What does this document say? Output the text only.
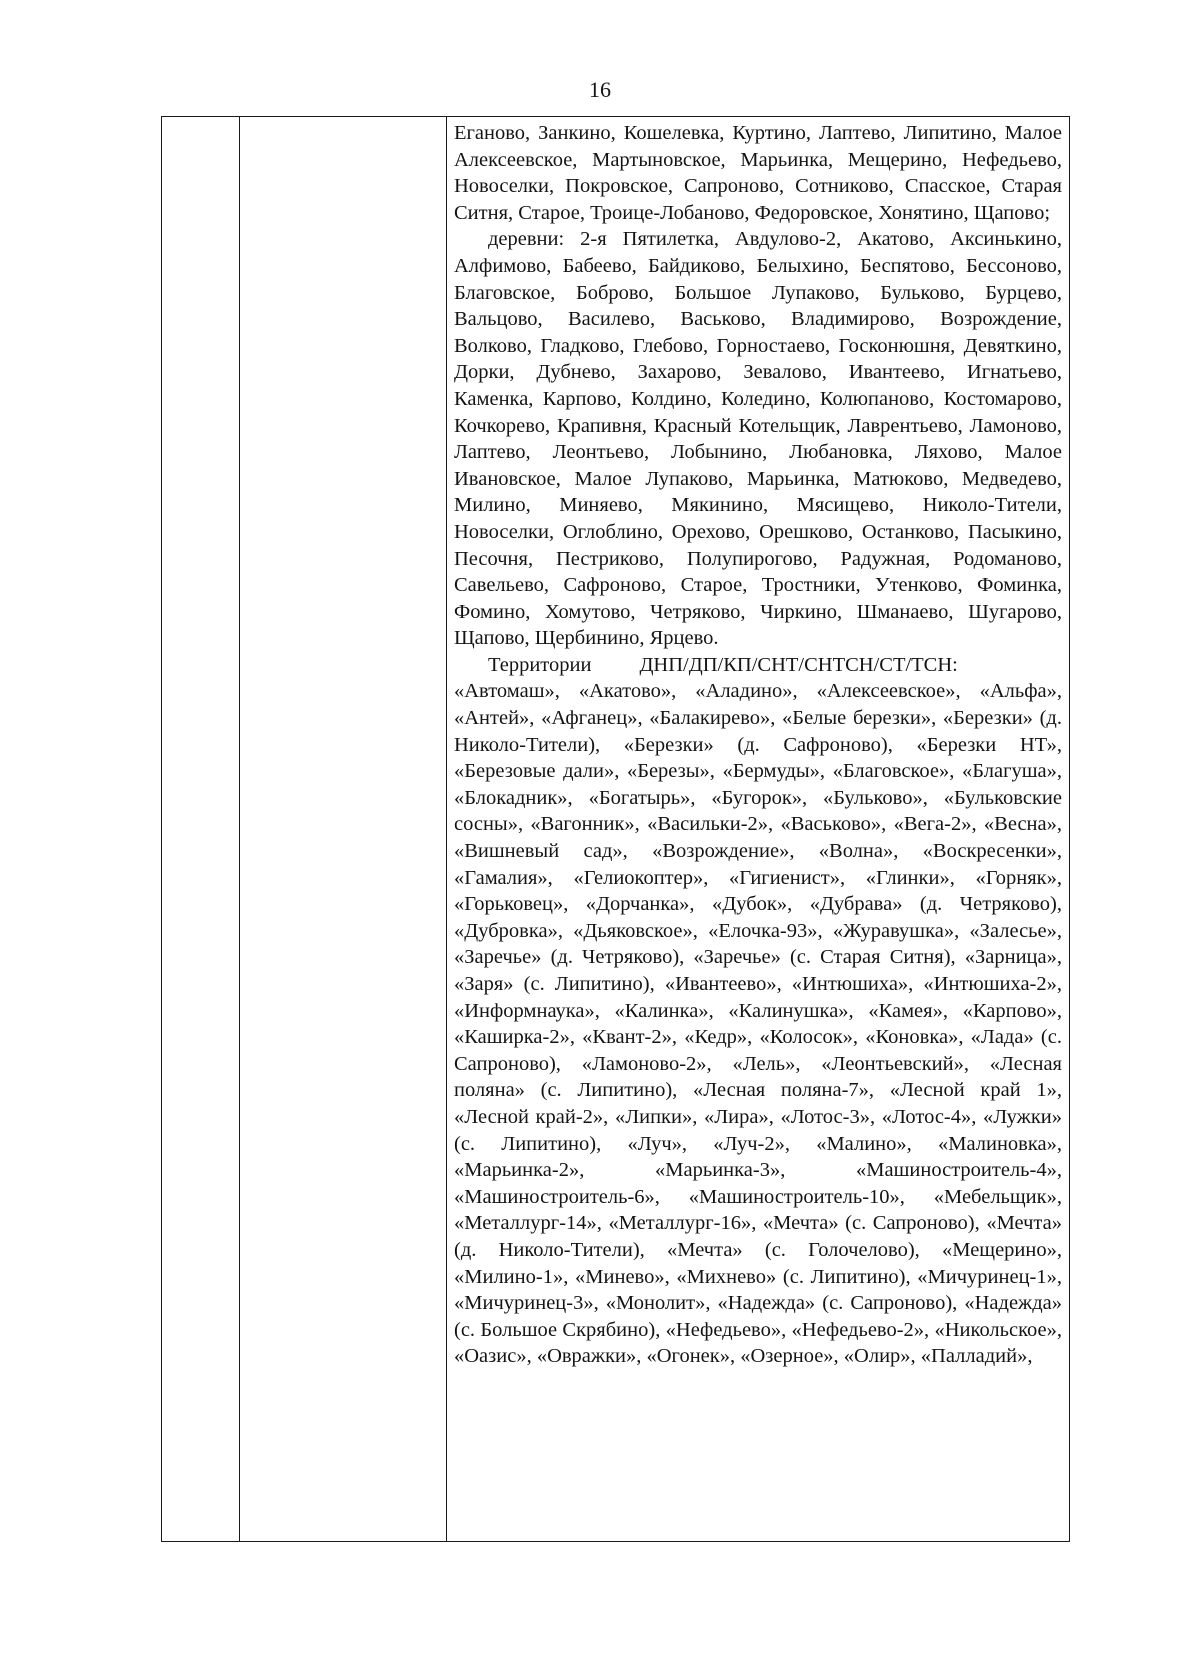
16

Еганово, Занкино, Кошелевка, Куртино, Лаптево, Липитино, Малое Алексеевское, Мартыновское, Марьинка, Мещерино, Нефедьево, Новоселки, Покровское, Сапроново, Сотниково, Спасское, Старая Ситня, Старое, Троице-Лобаново, Федоровское, Хонятино, Щапово;

деревни: 2-я Пятилетка, Авдулово-2, Акатово, Аксинькино, Алфимово, Бабеево, Байдиково, Белыхино, Беспятово, Бессоново, Благовское, Боброво, Большое Лупаково, Бульково, Бурцево, Вальцово, Василево, Васьково, Владимирово, Возрождение, Волково, Гладково, Глебово, Горностаево, Госконюшня, Девяткино, Дорки, Дубнево, Захарово, Зевалово, Ивантеево, Игнатьево, Каменка, Карпово, Колдино, Коледино, Колюпаново, Костомарово, Кочкорево, Крапивня, Красный Котельщик, Лаврентьево, Ламоново, Лаптево, Леонтьево, Лобынино, Любановка, Ляхово, Малое Ивановское, Малое Лупаково, Марьинка, Матюково, Медведево, Милино, Миняево, Мякинино, Мясищево, Николо-Тители, Новоселки, Оглоблино, Орехово, Орешково, Останково, Пасыкино, Песочня, Пестриково, Полупирогово, Радужная, Родоманово, Савельево, Сафроново, Старое, Тростники, Утенково, Фоминка, Фомино, Хомутово, Четряково, Чиркино, Шманаево, Шугарово, Щапово, Щербинино, Ярцево.

Территории ДНП/ДП/КП/СНТ/СНТСН/СТ/ТСН: «Автомаш», «Акатово», «Аладино», «Алексеевское», «Альфа», «Антей», «Афганец», «Балакирево», «Белые березки», «Березки» (д. Николо-Тители), «Березки» (д. Сафроново), «Березки НТ», «Березовые дали», «Березы», «Бермуды», «Благовское», «Благуша», «Блокадник», «Богатырь», «Бугорок», «Бульково», «Бульковские сосны», «Вагонник», «Васильки-2», «Васьково», «Вега-2», «Весна», «Вишневый сад», «Возрождение», «Волна», «Воскресенки», «Гамалия», «Гелиокоптер», «Гигиенист», «Глинки», «Горняк», «Горьковец», «Дорчанка», «Дубок», «Дубрава» (д. Четряково), «Дубровка», «Дьяковское», «Елочка-93», «Журавушка», «Залесье», «Заречье» (д. Четряково), «Заречье» (с. Старая Ситня), «Зарница», «Заря» (с. Липитино), «Ивантеево», «Интюшиха», «Интюшиха-2», «Информнаука», «Калинка», «Калинушка», «Камея», «Карпово», «Каширка-2», «Квант-2», «Кедр», «Колосок», «Коновка», «Лада» (с. Сапроново), «Ламоново-2», «Лель», «Леонтьевский», «Лесная поляна» (с. Липитино), «Лесная поляна-7», «Лесной край 1», «Лесной край-2», «Липки», «Лира», «Лотос-3», «Лотос-4», «Лужки» (с. Липитино), «Луч», «Луч-2», «Малино», «Малиновка», «Марьинка-2», «Марьинка-3», «Машиностроитель-4», «Машиностроитель-6», «Машиностроитель-10», «Мебельщик», «Металлург-14», «Металлург-16», «Мечта» (с. Сапроново), «Мечта» (д. Николо-Тители), «Мечта» (с. Голочелово), «Мещерино», «Милино-1», «Минево», «Михнево» (с. Липитино), «Мичуринец-1», «Мичуринец-3», «Монолит», «Надежда» (с. Сапроново), «Надежда» (с. Большое Скрябино), «Нефедьево», «Нефедьево-2», «Никольское», «Оазис», «Овражки», «Огонек», «Озерное», «Олир», «Палладий»,
